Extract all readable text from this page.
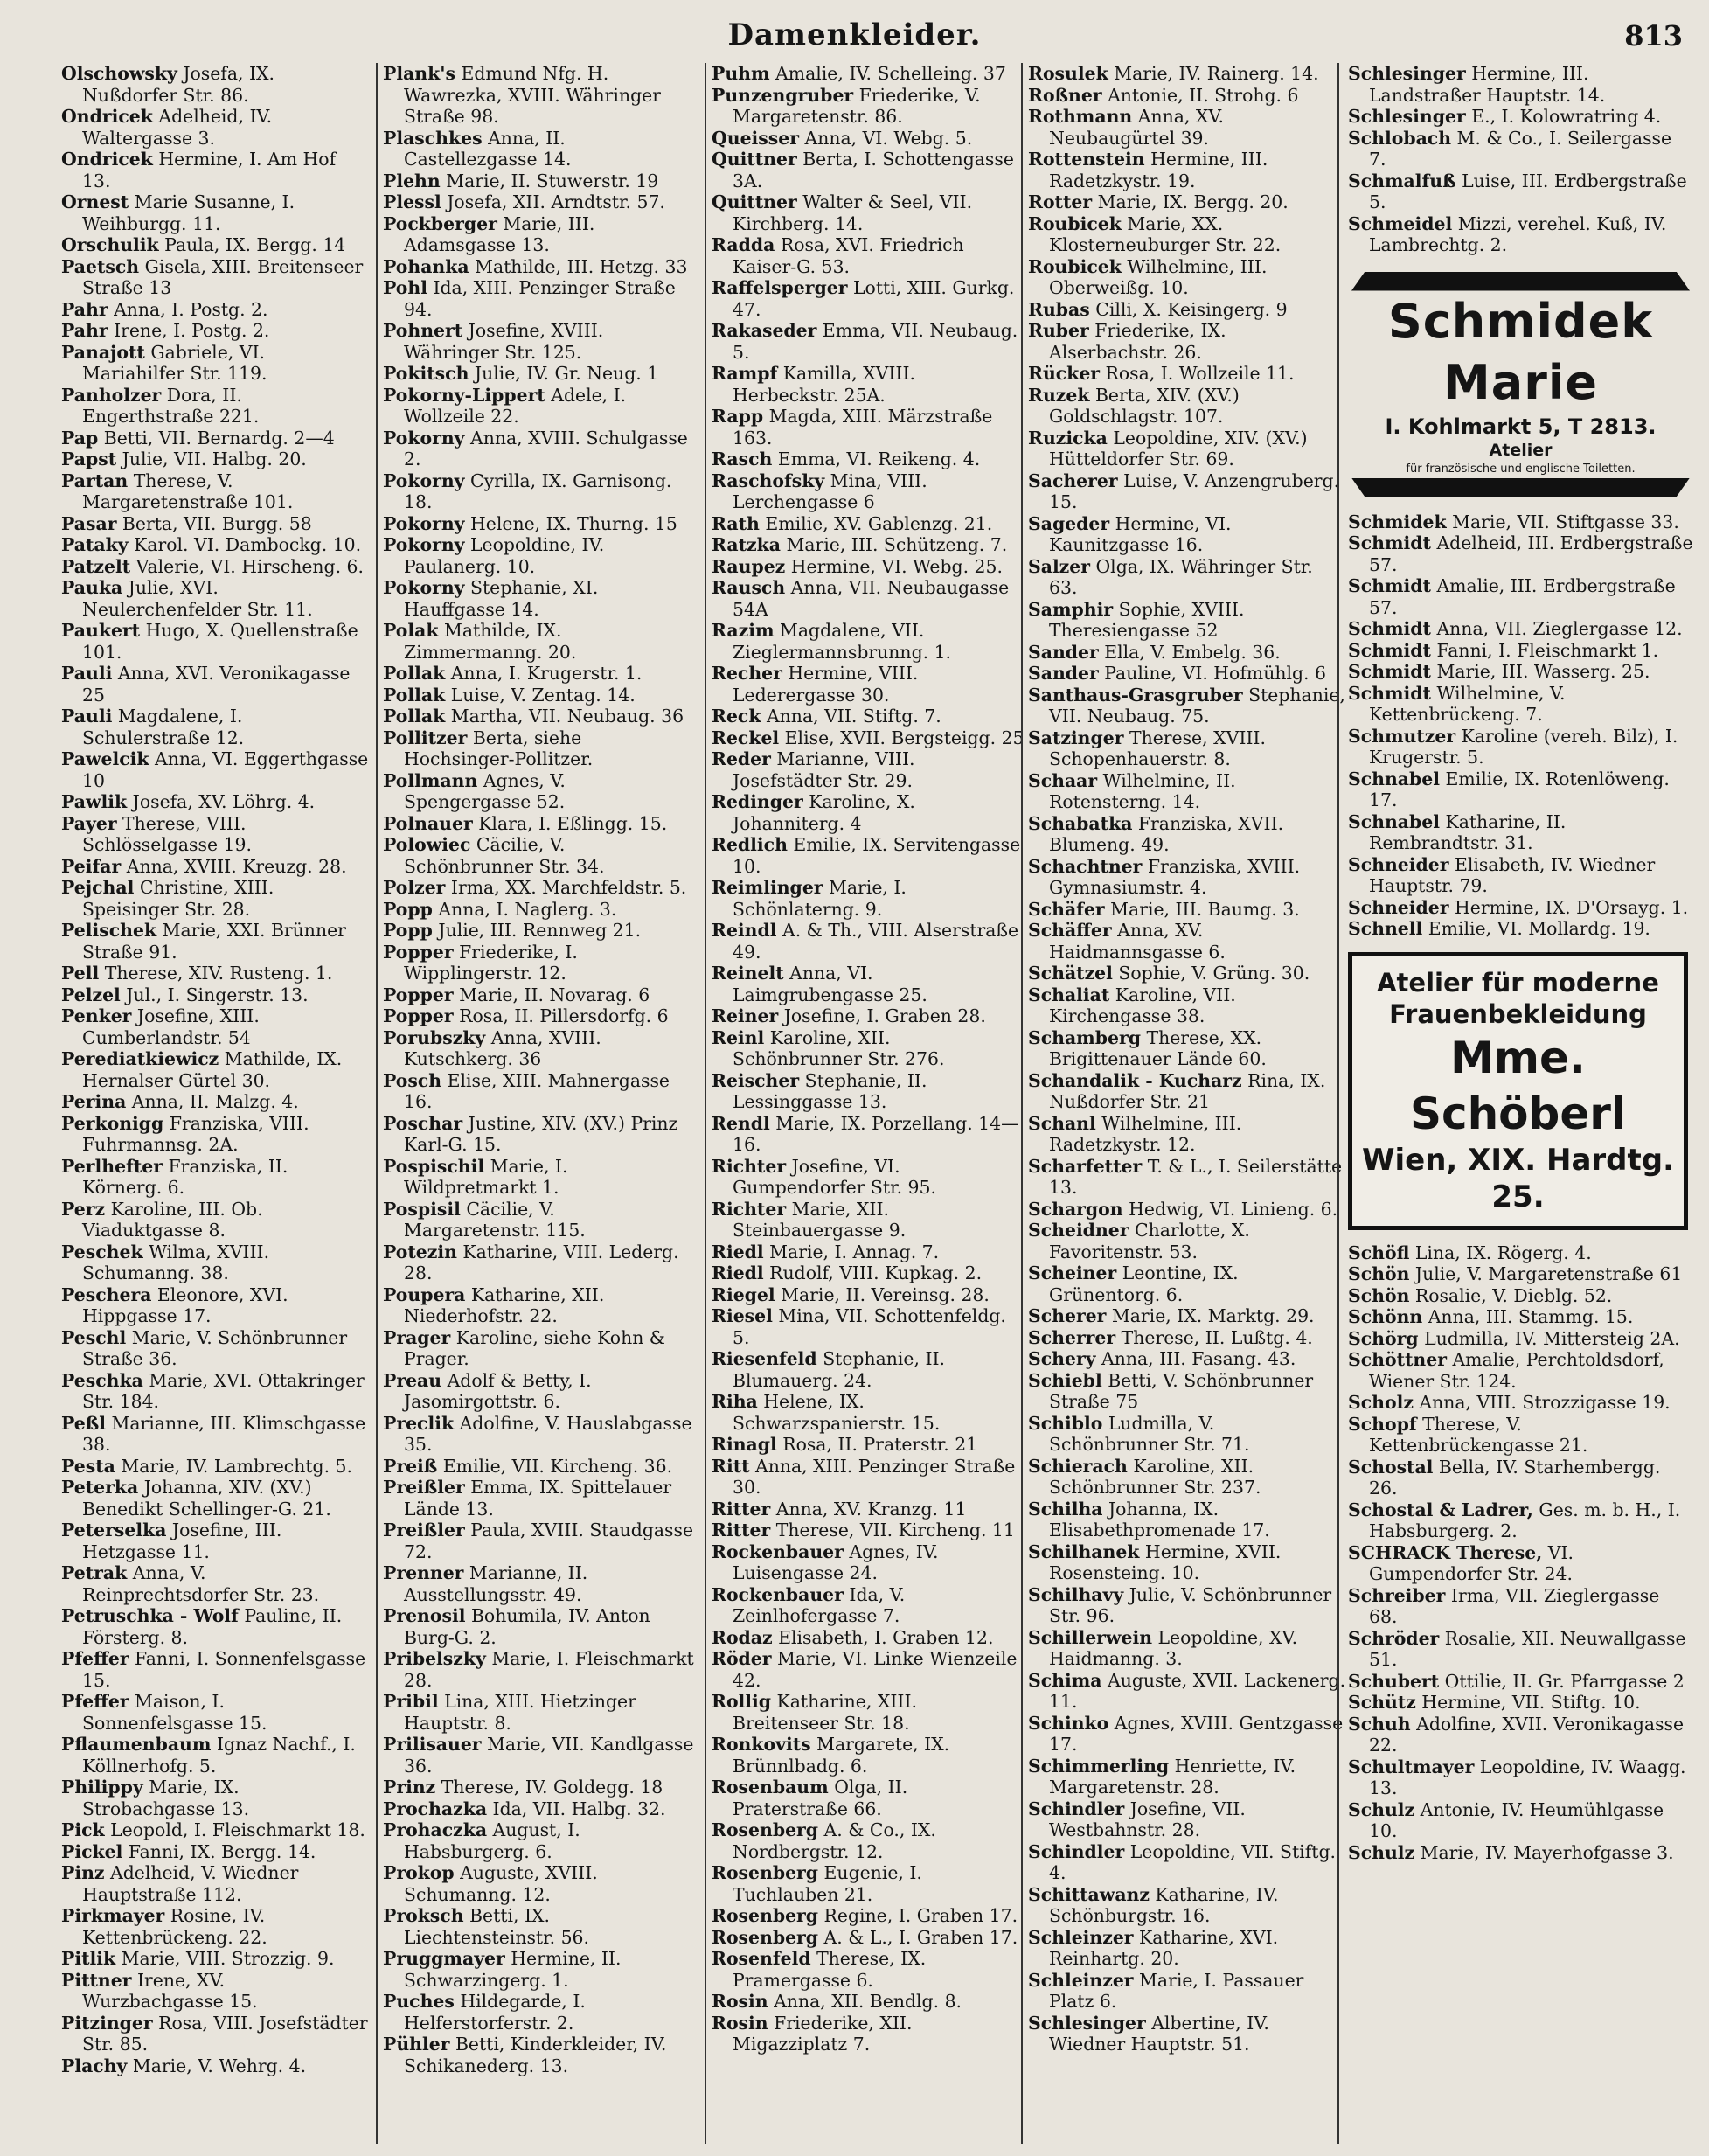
Damenkleider.	813
Olschowsky Josefa, IX. Nußdorfer Str. 86.
Ondricek Adelheid, IV. Waltergasse 3.
Ondricek Hermine, I. Am Hof 13.
Ornest Marie Susanne, I. Weihburgg. 11.
Orschulik Paula, IX. Bergg. 14
Paetsch Gisela, XIII. Breitenseer Straße 13
Pahr Anna, I. Postg. 2.
Pahr Irene, I. Postg. 2.
Panajott Gabriele, VI. Mariahilfer Str. 119.
Panholzer Dora, II. Engerthstraße 221.
Pap Betti, VII. Bernardg. 2—4
Papst Julie, VII. Halbg. 20.
Partan Therese, V. Margaretenstraße 101.
Pasar Berta, VII. Burgg. 58
Pataky Karol. VI. Dambockg. 10.
Patzelt Valerie, VI. Hirscheng. 6.
Pauka Julie, XVI. Neulerchenfelder Str. 11.
Paukert Hugo, X. Quellenstraße 101.
Pauli Anna, XVI. Veronikagasse 25
Pauli Magdalene, I. Schulerstraße 12.
Pawelcik Anna, VI. Eggerthgasse 10
Pawlik Josefa, XV. Löhrg. 4.
Payer Therese, VIII. Schlösselgasse 19.
Peifar Anna, XVIII. Kreuzg. 28.
Pejchal Christine, XIII. Speisinger Str. 28.
Pelischek Marie, XXI. Brünner Straße 91.
Pell Therese, XIV. Rusteng. 1.
Pelzel Jul., I. Singerstr. 13.
Penker Josefine, XIII. Cumberlandstr. 54
Perediatkiewicz Mathilde, IX. Hernalser Gürtel 30.
Perina Anna, II. Malzg. 4.
Perkonigg Franziska, VIII. Fuhrmannsg. 2A.
Perlhefter Franziska, II. Körnerg. 6.
Perz Karoline, III. Ob. Viaduktgasse 8.
Peschek Wilma, XVIII. Schumanng. 38.
Peschera Eleonore, XVI. Hippgasse 17.
Peschl Marie, V. Schönbrunner Straße 36.
Peschka Marie, XVI. Ottakringer Str. 184.
Peßl Marianne, III. Klimschgasse 38.
Pesta Marie, IV. Lambrechtg. 5.
Peterka Johanna, XIV. (XV.) Benedikt Schellinger-G. 21.
Peterselka Josefine, III. Hetzgasse 11.
Petrak Anna, V. Reinprechtsdorfer Str. 23.
Petruschka - Wolf Pauline, II. Försterg. 8.
Pfeffer Fanni, I. Sonnenfelsgasse 15.
Pfeffer Maison, I. Sonnenfelsgasse 15.
Pflaumenbaum Ignaz Nachf., I. Köllnerhofg. 5.
Philippy Marie, IX. Strobachgasse 13.
Pick Leopold, I. Fleischmarkt 18.
Pickel Fanni, IX. Bergg. 14.
Pinz Adelheid, V. Wiedner Hauptstraße 112.
Pirkmayer Rosine, IV. Kettenbrückeng. 22.
Pitlik Marie, VIII. Strozzig. 9.
Pittner Irene, XV. Wurzbachgasse 15.
Pitzinger Rosa, VIII. Josefstädter Str. 85.
Plachy Marie, V. Wehrg. 4.
Plank's Edmund Nfg. H. Wawrezka, XVIII. Währinger Straße 98.
Plaschkes Anna, II. Castellezgasse 14.
Plehn Marie, II. Stuwerstr. 19
Plessl Josefa, XII. Arndtstr. 57.
Pockberger Marie, III. Adamsgasse 13.
Pohanka Mathilde, III. Hetzg. 33
Pohl Ida, XIII. Penzinger Straße 94.
Pohnert Josefine, XVIII. Währinger Str. 125.
Pokitsch Julie, IV. Gr. Neug. 1
Pokorny-Lippert Adele, I. Wollzeile 22.
Pokorny Anna, XVIII. Schulgasse 2.
Pokorny Cyrilla, IX. Garnisong. 18.
Pokorny Helene, IX. Thurng. 15
Pokorny Leopoldine, IV. Paulanerg. 10.
Pokorny Stephanie, XI. Hauffgasse 14.
Polak Mathilde, IX. Zimmermanng. 20.
Pollak Anna, I. Krugerstr. 1.
Pollak Luise, V. Zentag. 14.
Pollak Martha, VII. Neubaug. 36
Pollitzer Berta, siehe Hochsinger-Pollitzer.
Pollmann Agnes, V. Spengergasse 52.
Polnauer Klara, I. Eßlingg. 15.
Polowiec Cäcilie, V. Schönbrunner Str. 34.
Polzer Irma, XX. Marchfeldstr. 5.
Popp Anna, I. Naglerg. 3.
Popp Julie, III. Rennweg 21.
Popper Friederike, I. Wipplingerstr. 12.
Popper Marie, II. Novarag. 6
Popper Rosa, II. Pillersdorfg. 6
Porubszky Anna, XVIII. Kutschkerg. 36
Posch Elise, XIII. Mahnergasse 16.
Poschar Justine, XIV. (XV.) Prinz Karl-G. 15.
Pospischil Marie, I. Wildpretmarkt 1.
Pospisil Cäcilie, V. Margaretenstr. 115.
Potezin Katharine, VIII. Lederg. 28.
Poupera Katharine, XII. Niederhofstr. 22.
Prager Karoline, siehe Kohn & Prager.
Preau Adolf & Betty, I. Jasomirgottstr. 6.
Preclik Adolfine, V. Hauslabgasse 35.
Preiß Emilie, VII. Kircheng. 36.
Preißler Emma, IX. Spittelauer Lände 13.
Preißler Paula, XVIII. Staudgasse 72.
Prenner Marianne, II. Ausstellungsstr. 49.
Prenosil Bohumila, IV. Anton Burg-G. 2.
Pribelszky Marie, I. Fleischmarkt 28.
Pribil Lina, XIII. Hietzinger Hauptstr. 8.
Prilisauer Marie, VII. Kandlgasse 36.
Prinz Therese, IV. Goldegg. 18
Prochazka Ida, VII. Halbg. 32.
Prohaczka August, I. Habsburgerg. 6.
Prokop Auguste, XVIII. Schumanng. 12.
Proksch Betti, IX. Liechtensteinstr. 56.
Pruggmayer Hermine, II. Schwarzingerg. 1.
Puches Hildegarde, I. Helferstorferstr. 2.
Pühler Betti, Kinderkleider, IV. Schikanederg. 13.
Puhm Amalie, IV. Schelleing. 37
Punzengruber Friederike, V. Margaretenstr. 86.
Queisser Anna, VI. Webg. 5.
Quittner Berta, I. Schottengasse 3A.
Quittner Walter & Seel, VII. Kirchberg. 14.
Radda Rosa, XVI. Friedrich Kaiser-G. 53.
Raffelsperger Lotti, XIII. Gurkg. 47.
Rakaseder Emma, VII. Neubaug. 5.
Rampf Kamilla, XVIII. Herbeckstr. 25A.
Rapp Magda, XIII. Märzstraße 163.
Rasch Emma, VI. Reikeng. 4.
Raschofsky Mina, VIII. Lerchengasse 6
Rath Emilie, XV. Gablenzg. 21.
Ratzka Marie, III. Schützeng. 7.
Raupez Hermine, VI. Webg. 25.
Rausch Anna, VII. Neubaugasse 54A
Razim Magdalene, VII. Zieglermannsbrunng. 1.
Recher Hermine, VIII. Lederergasse 30.
Reck Anna, VII. Stiftg. 7.
Reckel Elise, XVII. Bergsteigg. 25
Reder Marianne, VIII. Josefstädter Str. 29.
Redinger Karoline, X. Johanniterg. 4
Redlich Emilie, IX. Servitengasse 10.
Reimlinger Marie, I. Schönlaterng. 9.
Reindl A. & Th., VIII. Alserstraße 49.
Reinelt Anna, VI. Laimgrubengasse 25.
Reiner Josefine, I. Graben 28.
Reinl Karoline, XII. Schönbrunner Str. 276.
Reischer Stephanie, II. Lessinggasse 13.
Rendl Marie, IX. Porzellang. 14—16.
Richter Josefine, VI. Gumpendorfer Str. 95.
Richter Marie, XII. Steinbauergasse 9.
Riedl Marie, I. Annag. 7.
Riedl Rudolf, VIII. Kupkag. 2.
Riegel Marie, II. Vereinsg. 28.
Riesel Mina, VII. Schottenfeldg. 5.
Riesenfeld Stephanie, II. Blumauerg. 24.
Riha Helene, IX. Schwarzspanierstr. 15.
Rinagl Rosa, II. Praterstr. 21
Ritt Anna, XIII. Penzinger Straße 30.
Ritter Anna, XV. Kranzg. 11
Ritter Therese, VII. Kircheng. 11
Rockenbauer Agnes, IV. Luisengasse 24.
Rockenbauer Ida, V. Zeinlhofergasse 7.
Rodaz Elisabeth, I. Graben 12.
Röder Marie, VI. Linke Wienzeile 42.
Rollig Katharine, XIII. Breitenseer Str. 18.
Ronkovits Margarete, IX. Brünnlbadg. 6.
Rosenbaum Olga, II. Praterstraße 66.
Rosenberg A. & Co., IX. Nordbergstr. 12.
Rosenberg Eugenie, I. Tuchlauben 21.
Rosenberg Regine, I. Graben 17.
Rosenberg A. & L., I. Graben 17.
Rosenfeld Therese, IX. Pramergasse 6.
Rosin Anna, XII. Bendlg. 8.
Rosin Friederike, XII. Migazziplatz 7.
Rosulek Marie, IV. Rainerg. 14.
Roßner Antonie, II. Strohg. 6
Rothmann Anna, XV. Neubaugürtel 39.
Rottenstein Hermine, III. Radetzkystr. 19.
Rotter Marie, IX. Bergg. 20.
Roubicek Marie, XX. Klosterneuburger Str. 22.
Roubicek Wilhelmine, III. Oberweißg. 10.
Rubas Cilli, X. Keisingerg. 9
Ruber Friederike, IX. Alserbachstr. 26.
Rücker Rosa, I. Wollzeile 11.
Ruzek Berta, XIV. (XV.) Goldschlagstr. 107.
Ruzicka Leopoldine, XIV. (XV.) Hütteldorfer Str. 69.
Sacherer Luise, V. Anzengruberg. 15.
Sageder Hermine, VI. Kaunitzgasse 16.
Salzer Olga, IX. Währinger Str. 63.
Samphir Sophie, XVIII. Theresiengasse 52
Sander Ella, V. Embelg. 36.
Sander Pauline, VI. Hofmühlg. 6
Santhaus-Grasgruber Stephanie, VII. Neubaug. 75.
Satzinger Therese, XVIII. Schopenhauerstr. 8.
Schaar Wilhelmine, II. Rotensterng. 14.
Schabatka Franziska, XVII. Blumeng. 49.
Schachtner Franziska, XVIII. Gymnasiumstr. 4.
Schäfer Marie, III. Baumg. 3.
Schäffer Anna, XV. Haidmannsgasse 6.
Schätzel Sophie, V. Grüng. 30.
Schaliat Karoline, VII. Kirchengasse 38.
Schamberg Therese, XX. Brigittenauer Lände 60.
Schandalik - Kucharz Rina, IX. Nußdorfer Str. 21
Schanl Wilhelmine, III. Radetzkystr. 12.
Scharfetter T. & L., I. Seilerstätte 13.
Schargon Hedwig, VI. Linieng. 6.
Scheidner Charlotte, X. Favoritenstr. 53.
Scheiner Leontine, IX. Grünentorg. 6.
Scherer Marie, IX. Marktg. 29.
Scherrer Therese, II. Lußtg. 4.
Schery Anna, III. Fasang. 43.
Schiebl Betti, V. Schönbrunner Straße 75
Schiblo Ludmilla, V. Schönbrunner Str. 71.
Schierach Karoline, XII. Schönbrunner Str. 237.
Schilha Johanna, IX. Elisabethpromenade 17.
Schilhanek Hermine, XVII. Rosensteing. 10.
Schilhavy Julie, V. Schönbrunner Str. 96.
Schillerwein Leopoldine, XV. Haidmanng. 3.
Schima Auguste, XVII. Lackenerg. 11.
Schinko Agnes, XVIII. Gentzgasse 17.
Schimmerling Henriette, IV. Margaretenstr. 28.
Schindler Josefine, VII. Westbahnstr. 28.
Schindler Leopoldine, VII. Stiftg. 4.
Schittawanz Katharine, IV. Schönburgstr. 16.
Schleinzer Katharine, XVI. Reinhartg. 20.
Schleinzer Marie, I. Passauer Platz 6.
Schlesinger Albertine, IV. Wiedner Hauptstr. 51.
Schlesinger Hermine, III. Landstraßer Hauptstr. 14.
Schlesinger E., I. Kolowratring 4.
Schlobach M. & Co., I. Seilergasse 7.
Schmalfuß Luise, III. Erdbergstraße 5.
Schmeidel Mizzi, verehel. Kuß, IV. Lambrechtg. 2.
Schmidek Marie
I. Kohlmarkt 5, T 2813.
Atelier
für französische und englische Toiletten.
Schmidek Marie, VII. Stiftgasse 33.
Schmidt Adelheid, III. Erdbergstraße 57.
Schmidt Amalie, III. Erdbergstraße 57.
Schmidt Anna, VII. Zieglergasse 12.
Schmidt Fanni, I. Fleischmarkt 1.
Schmidt Marie, III. Wasserg. 25.
Schmidt Wilhelmine, V. Kettenbrückeng. 7.
Schmutzer Karoline (vereh. Bilz), I. Krugerstr. 5.
Schnabel Emilie, IX. Rotenlöweng. 17.
Schnabel Katharine, II. Rembrandtstr. 31.
Schneider Elisabeth, IV. Wiedner Hauptstr. 79.
Schneider Hermine, IX. D'Orsayg. 1.
Schnell Emilie, VI. Mollardg. 19.
Atelier für moderne
Frauenbekleidung
Mme. Schöberl
Wien, XIX. Hardtg. 25.
Schöfl Lina, IX. Rögerg. 4.
Schön Julie, V. Margaretenstraße 61
Schön Rosalie, V. Dieblg. 52.
Schönn Anna, III. Stammg. 15.
Schörg Ludmilla, IV. Mittersteig 2A.
Schöttner Amalie, Perchtoldsdorf, Wiener Str. 124.
Scholz Anna, VIII. Strozzigasse 19.
Schopf Therese, V. Kettenbrückengasse 21.
Schostal Bella, IV. Starhembergg. 26.
Schostal & Ladrer, Ges. m. b. H., I. Habsburgerg. 2.
SCHRACK Therese, VI. Gumpendorfer Str. 24.
Schreiber Irma, VII. Zieglergasse 68.
Schröder Rosalie, XII. Neuwallgasse 51.
Schubert Ottilie, II. Gr. Pfarrgasse 2
Schütz Hermine, VII. Stiftg. 10.
Schuh Adolfine, XVII. Veronikagasse 22.
Schultmayer Leopoldine, IV. Waagg. 13.
Schulz Antonie, IV. Heumühlgasse 10.
Schulz Marie, IV. Mayerhofgasse 3.
